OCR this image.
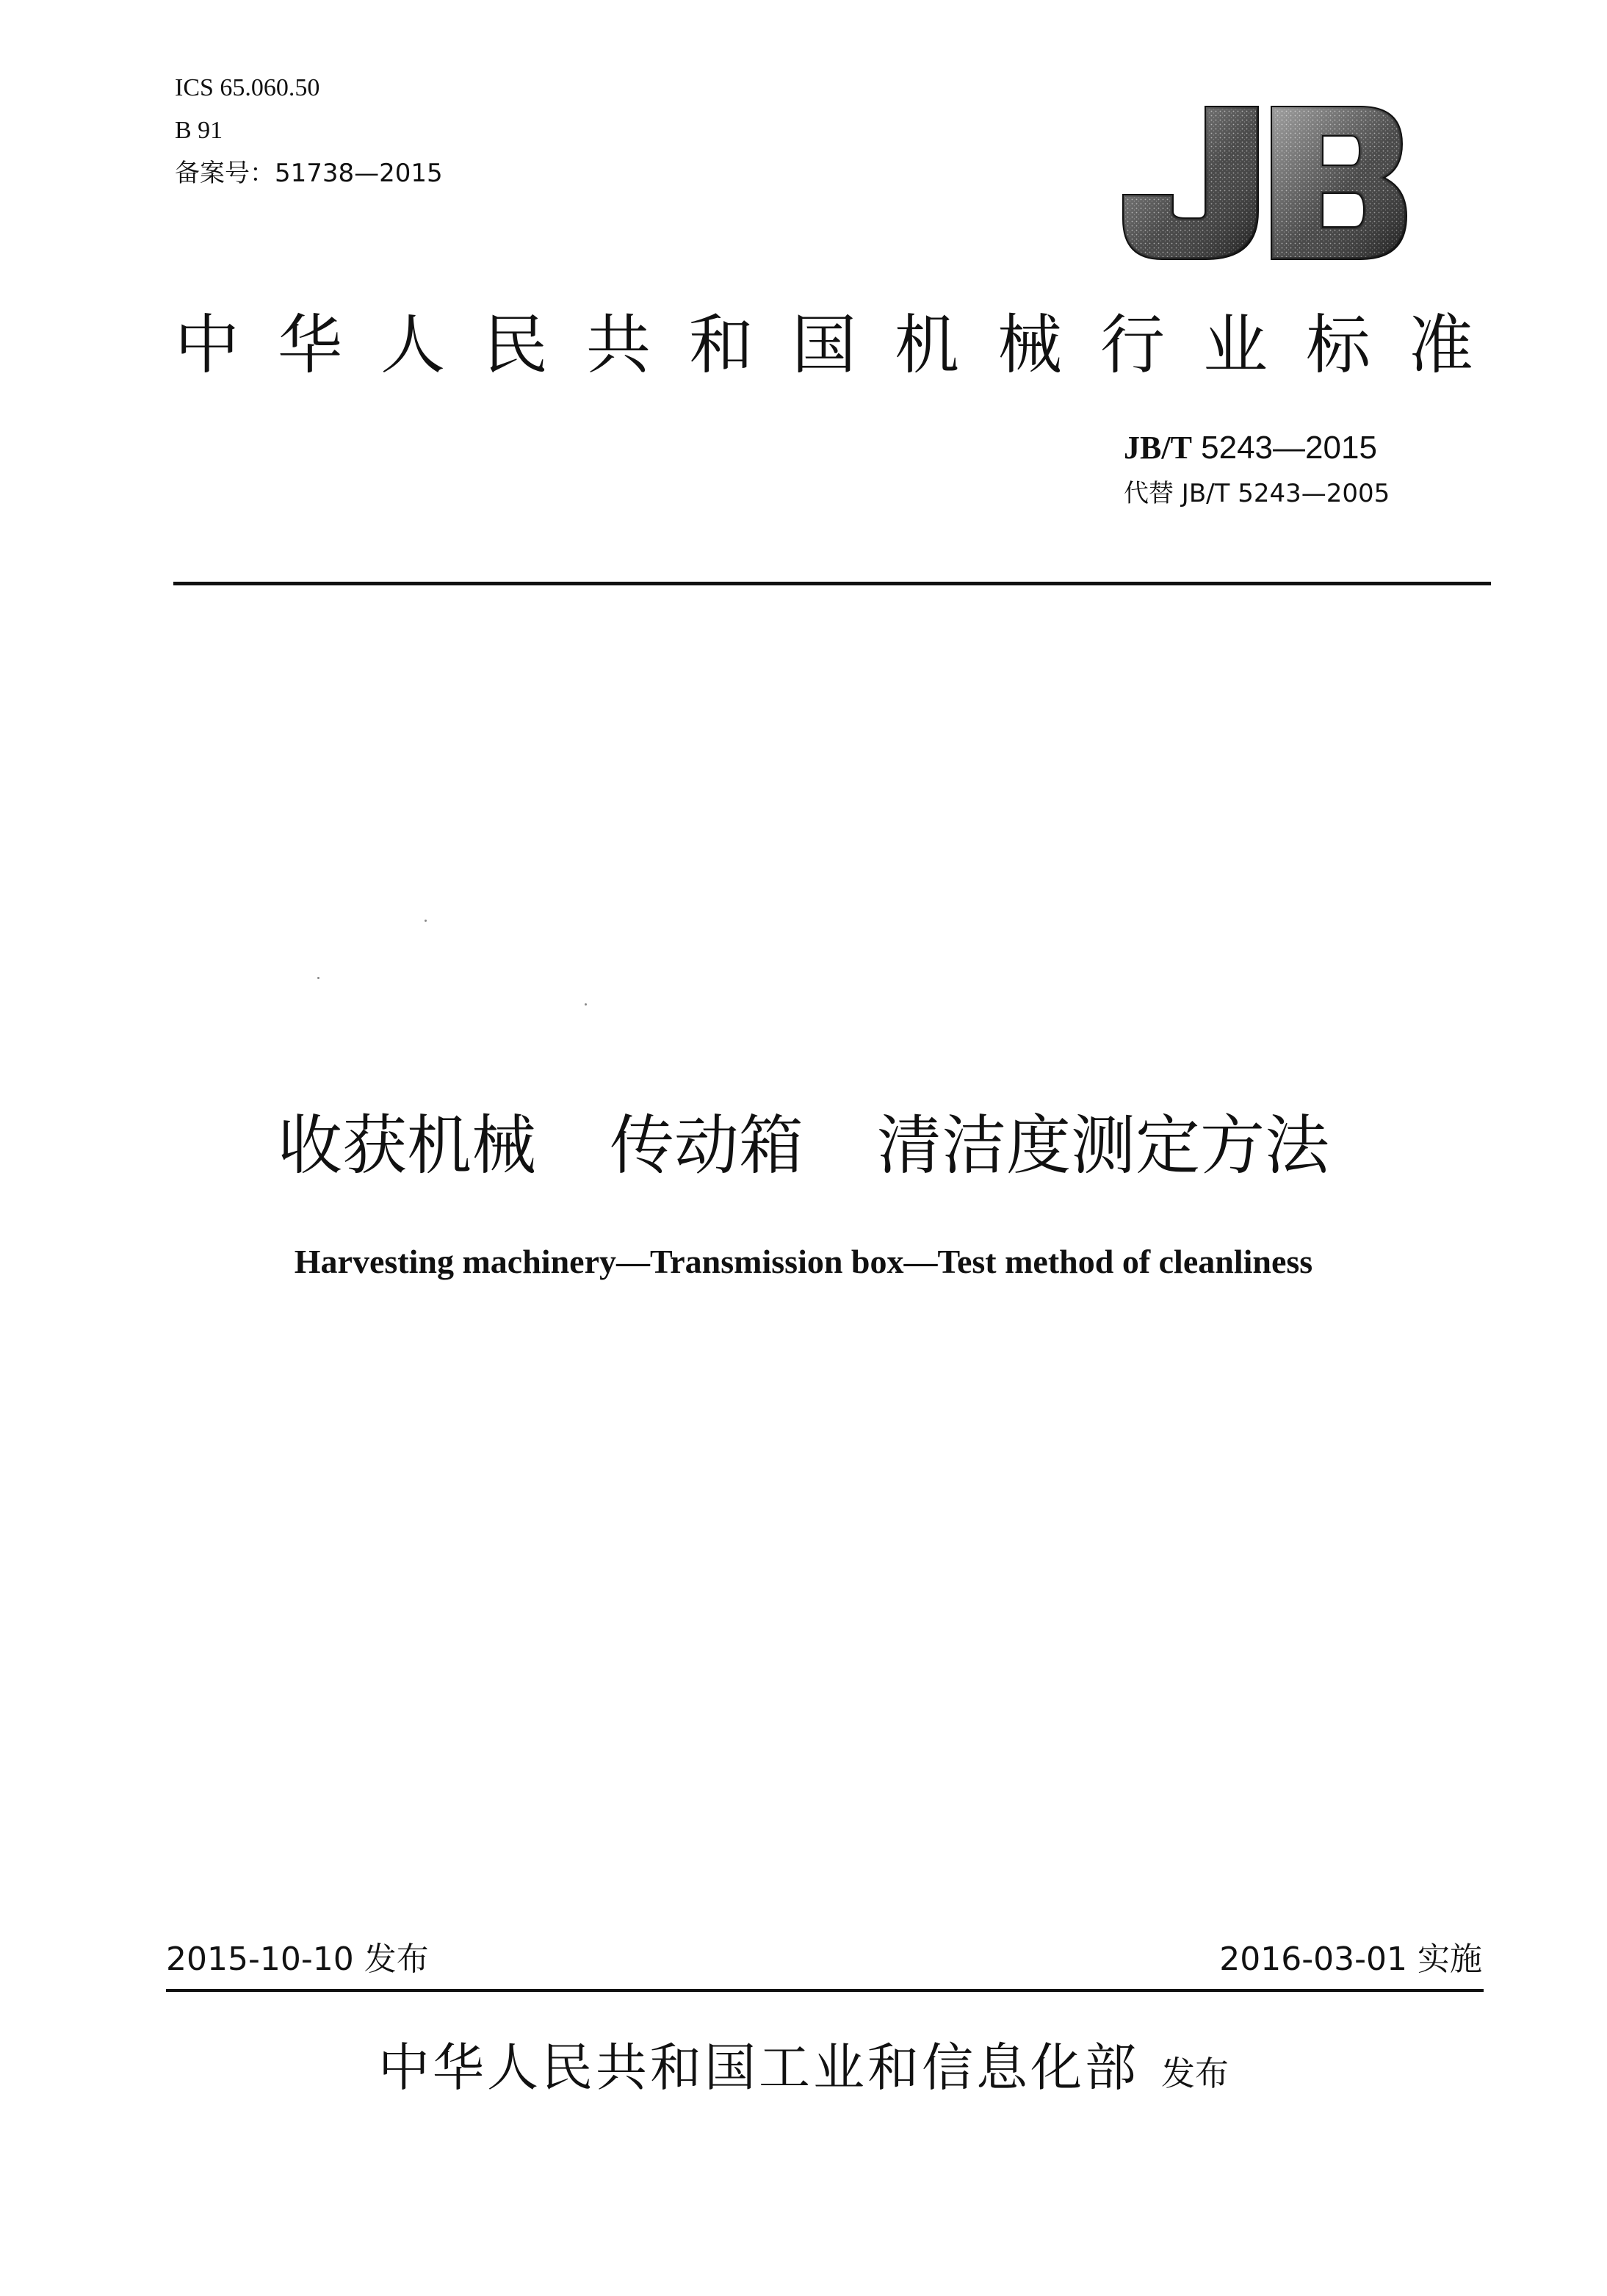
ICS 65.060.50
B 91
备案号：51738—2015
中华人民共和国机械行业标准
JB/T 5243—2015
代替 JB/T 5243—2005
收获机械 传动箱 清洁度测定方法
Harvesting machinery—Transmission box—Test method of cleanliness
2015-10-10 发布	2016-03-01 实施
中华人民共和国工业和信息化部 发布
